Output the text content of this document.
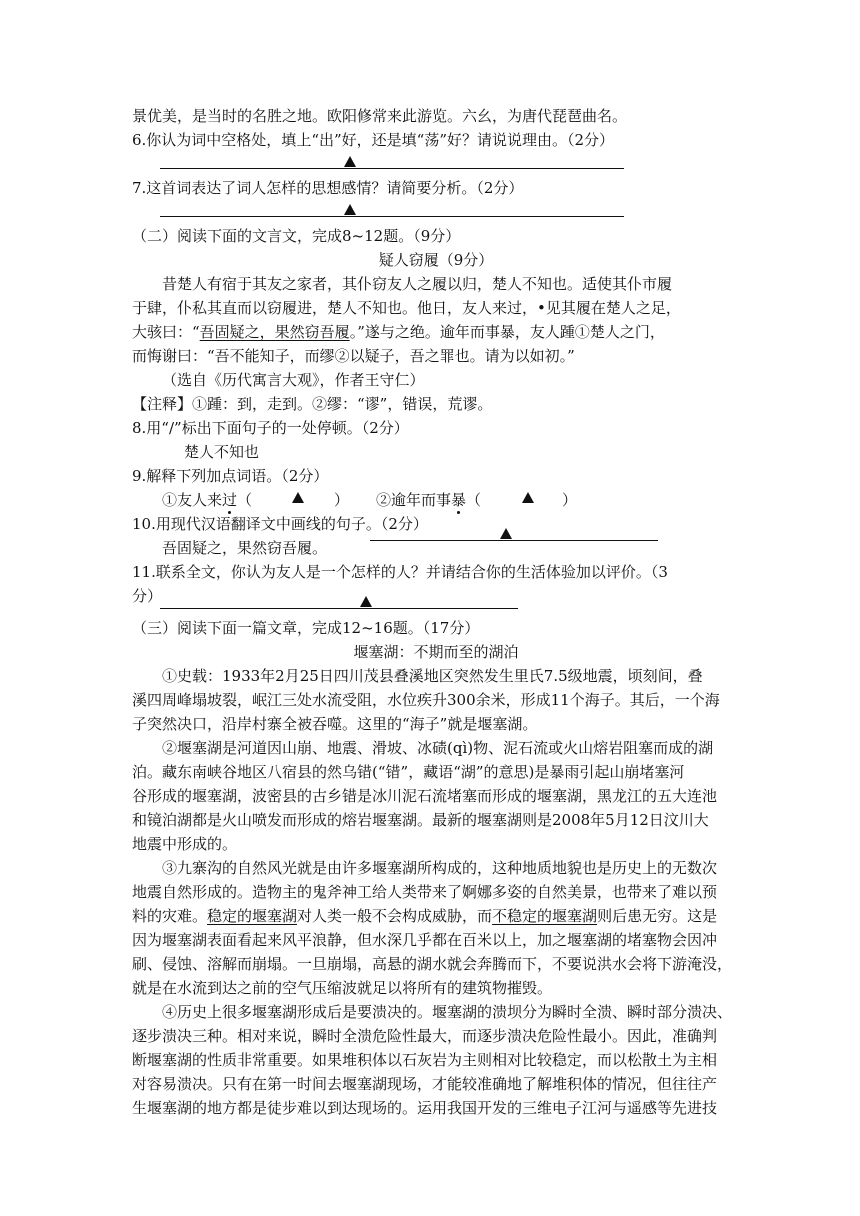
景优美，是当时的名胜之地。欧阳修常来此游览。六幺，为唐代琵琶曲名。
6.你认为词中空格处，填上“出”好，还是填“荡”好？请说说理由。（2分）
7.这首词表达了词人怎样的思想感情？请简要分析。（2分）
（二）阅读下面的文言文，完成8~12题。（9分）
疑人窃履（9分）
昔楚人有宿于其友之家者，其仆窃友人之履以归，楚人不知也。适使其仆市履
于肆，仆私其直而以窃履进，楚人不知也。他日，友人来过，•见其履在楚人之足，
大骇曰：“吾固疑之，果然窃吾履。”遂与之绝。逾年而事暴，友人踵①楚人之门，
而悔谢曰：“吾不能知子，而缪②以疑子，吾之罪也。请为以如初。”
（选自《历代寓言大观》，作者王守仁）
【注释】①踵：到，走到。②缪：“谬”，错误，荒谬。
8.用“/”标出下面句子的一处停顿。（2分）
楚人不知也
9.解释下列加点词语。（2分）
①友人来过（	）	②逾年而事暴（	）
10.用现代汉语翻译文中画线的句子。（2分）
吾固疑之，果然窃吾履。
11.联系全文，你认为友人是一个怎样的人？并请结合你的生活体验加以评价。（3
分）
（三）阅读下面一篇文章，完成12~16题。（17分）
堰塞湖：不期而至的湖泊
①史载：1933年2月25日四川茂县叠溪地区突然发生里氏7.5级地震，顷刻间，叠
溪四周峰塌坡裂，岷江三处水流受阻，水位疾升300余米，形成11个海子。其后，一个海
子突然决口，沿岸村寨全被吞噬。这里的“海子”就是堰塞湖。
②堰塞湖是河道因山崩、地震、滑坡、冰碛(qì)物、泥石流或火山熔岩阻塞而成的湖
泊。藏东南峡谷地区八宿县的然乌错(“错”，藏语“湖”的意思)是暴雨引起山崩堵塞河
谷形成的堰塞湖，波密县的古乡错是冰川泥石流堵塞而形成的堰塞湖，黑龙江的五大连池
和镜泊湖都是火山喷发而形成的熔岩堰塞湖。最新的堰塞湖则是2008年5月12日汶川大
地震中形成的。
③九寨沟的自然风光就是由许多堰塞湖所构成的，这种地质地貌也是历史上的无数次
地震自然形成的。造物主的鬼斧神工给人类带来了婀娜多姿的自然美景，也带来了难以预
料的灾难。稳定的堰塞湖对人类一般不会构成威胁，而不稳定的堰塞湖则后患无穷。这是
因为堰塞湖表面看起来风平浪静，但水深几乎都在百米以上，加之堰塞湖的堵塞物会因冲
刷、侵蚀、溶解而崩塌。一旦崩塌，高悬的湖水就会奔腾而下，不要说洪水会将下游淹没，
就是在水流到达之前的空气压缩波就足以将所有的建筑物摧毁。
④历史上很多堰塞湖形成后是要溃决的。堰塞湖的溃坝分为瞬时全溃、瞬时部分溃决、
逐步溃决三种。相对来说，瞬时全溃危险性最大，而逐步溃决危险性最小。因此，准确判
断堰塞湖的性质非常重要。如果堆积体以石灰岩为主则相对比较稳定，而以松散土为主相
对容易溃决。只有在第一时间去堰塞湖现场，才能较准确地了解堆积体的情况，但往往产
生堰塞湖的地方都是徒步难以到达现场的。运用我国开发的三维电子江河与遥感等先进技
